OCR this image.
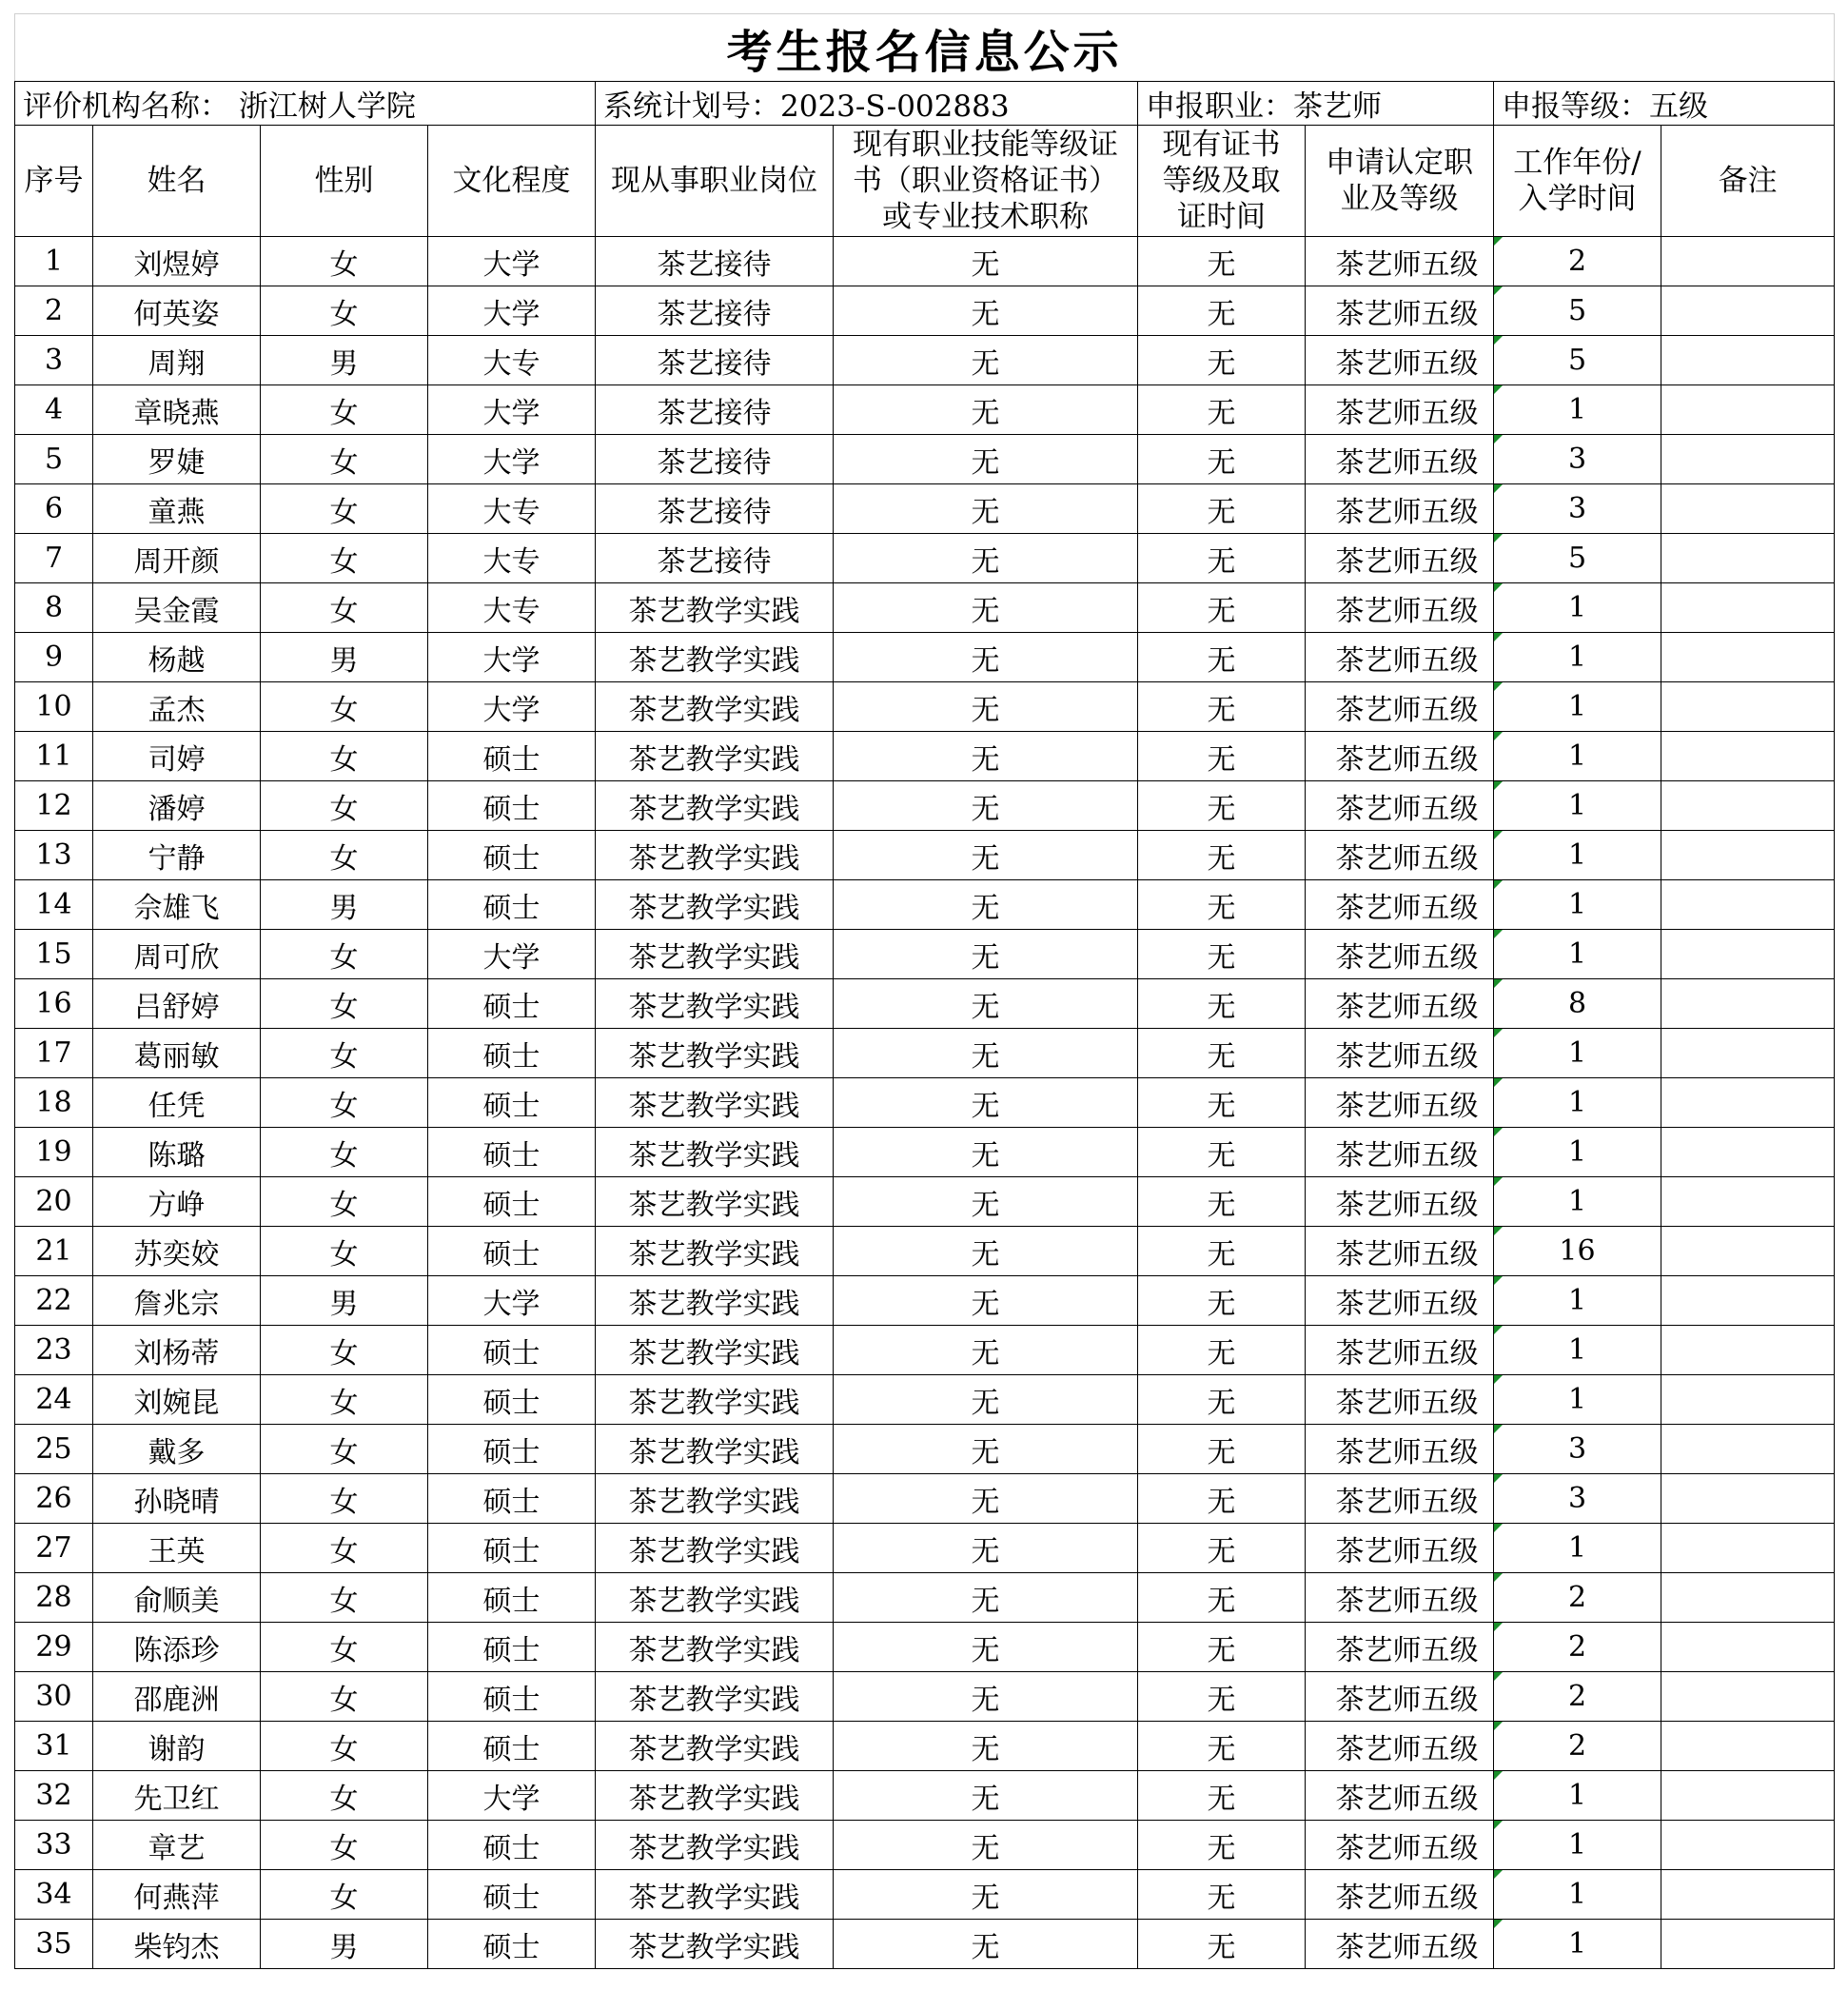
考生报名信息公示									
评价机构名称： 浙江树人学院				系统计划号：2023-S-002883		申报职业：茶艺师		申报等级：五级	
序号	姓名	性别	文化程度	现从事职业岗位	现有职业技能等级证书（职业资格证书）或专业技术职称	现有证书等级及取证时间	申请认定职业及等级	工作年份/入学时间	备注
1	刘煜婷	女	大学	茶艺接待	无	无	茶艺师五级	2	
2	何英姿	女	大学	茶艺接待	无	无	茶艺师五级	5	
3	周翔	男	大专	茶艺接待	无	无	茶艺师五级	5	
4	章晓燕	女	大学	茶艺接待	无	无	茶艺师五级	1	
5	罗婕	女	大学	茶艺接待	无	无	茶艺师五级	3	
6	童燕	女	大专	茶艺接待	无	无	茶艺师五级	3	
7	周开颜	女	大专	茶艺接待	无	无	茶艺师五级	5	
8	吴金霞	女	大专	茶艺教学实践	无	无	茶艺师五级	1	
9	杨越	男	大学	茶艺教学实践	无	无	茶艺师五级	1	
10	孟杰	女	大学	茶艺教学实践	无	无	茶艺师五级	1	
11	司婷	女	硕士	茶艺教学实践	无	无	茶艺师五级	1	
12	潘婷	女	硕士	茶艺教学实践	无	无	茶艺师五级	1	
13	宁静	女	硕士	茶艺教学实践	无	无	茶艺师五级	1	
14	佘雄飞	男	硕士	茶艺教学实践	无	无	茶艺师五级	1	
15	周可欣	女	大学	茶艺教学实践	无	无	茶艺师五级	1	
16	吕舒婷	女	硕士	茶艺教学实践	无	无	茶艺师五级	8	
17	葛丽敏	女	硕士	茶艺教学实践	无	无	茶艺师五级	1	
18	任凭	女	硕士	茶艺教学实践	无	无	茶艺师五级	1	
19	陈璐	女	硕士	茶艺教学实践	无	无	茶艺师五级	1	
20	方峥	女	硕士	茶艺教学实践	无	无	茶艺师五级	1	
21	苏奕姣	女	硕士	茶艺教学实践	无	无	茶艺师五级	16	
22	詹兆宗	男	大学	茶艺教学实践	无	无	茶艺师五级	1	
23	刘杨蒂	女	硕士	茶艺教学实践	无	无	茶艺师五级	1	
24	刘婉昆	女	硕士	茶艺教学实践	无	无	茶艺师五级	1	
25	戴多	女	硕士	茶艺教学实践	无	无	茶艺师五级	3	
26	孙晓晴	女	硕士	茶艺教学实践	无	无	茶艺师五级	3	
27	王英	女	硕士	茶艺教学实践	无	无	茶艺师五级	1	
28	俞顺美	女	硕士	茶艺教学实践	无	无	茶艺师五级	2	
29	陈添珍	女	硕士	茶艺教学实践	无	无	茶艺师五级	2	
30	邵鹿洲	女	硕士	茶艺教学实践	无	无	茶艺师五级	2	
31	谢韵	女	硕士	茶艺教学实践	无	无	茶艺师五级	2	
32	先卫红	女	大学	茶艺教学实践	无	无	茶艺师五级	1	
33	章艺	女	硕士	茶艺教学实践	无	无	茶艺师五级	1	
34	何燕萍	女	硕士	茶艺教学实践	无	无	茶艺师五级	1	
35	柴钧杰	男	硕士	茶艺教学实践	无	无	茶艺师五级	1	
